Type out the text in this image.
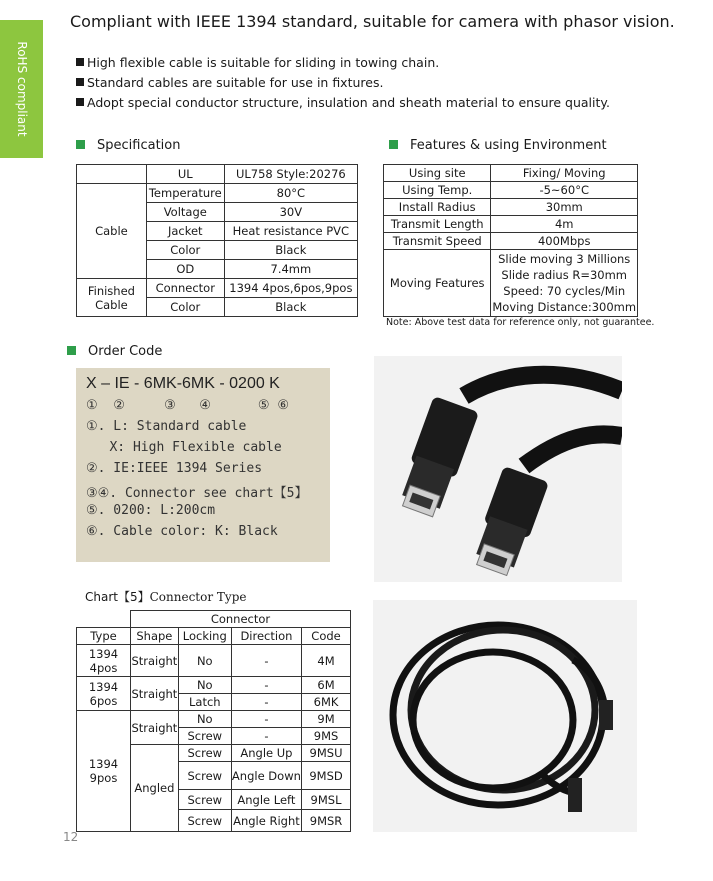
RoHS compliant
Compliant with IEEE 1394 standard, suitable for camera with phasor vision.
High flexible cable is suitable for sliding in towing chain.
Standard cables are suitable for use in fixtures.
Adopt special conductor structure, insulation and sheath material to ensure quality.
Specification
	UL	UL758 Style:20276
Cable	Temperature	80°C
	Voltage	30V
	Jacket	Heat resistance PVC
	Color	Black
	OD	7.4mm
Finished Cable	Connector	1394 4pos,6pos,9pos
	Color	Black
Features & using Environment
Using site	Fixing/ Moving
Using Temp.	-5~60°C
Install Radius	30mm
Transmit Length	4m
Transmit Speed	400Mbps
Moving Features	Slide moving 3 Millions
Slide radius R=30mm
Speed: 70 cycles/Min
Moving Distance:300mm
Note: Above test data for reference only, not guarantee.
Order Code
X – IE - 6MK-6MK - 0200 K
①  ②     ③   ④      ⑤ ⑥
①. L: Standard cable
X: High Flexible cable
②. IE:IEEE 1394 Series
③④. Connector see chart【5】
⑤. 0200: L:200cm
⑥. Cable color: K: Black
Chart【5】Connector Type
	Connector			
Type	Shape	Locking	Direction	Code
1394 4pos	Straight	No	-	4M
1394 6pos	Straight	No	-	6M
		Latch	-	6MK
1394 9pos	Straight	No	-	9M
		Screw	-	9MS
	Angled	Screw	Angle Up	9MSU
		Screw	Angle Down	9MSD
		Screw	Angle Left	9MSL
		Screw	Angle Right	9MSR
12
